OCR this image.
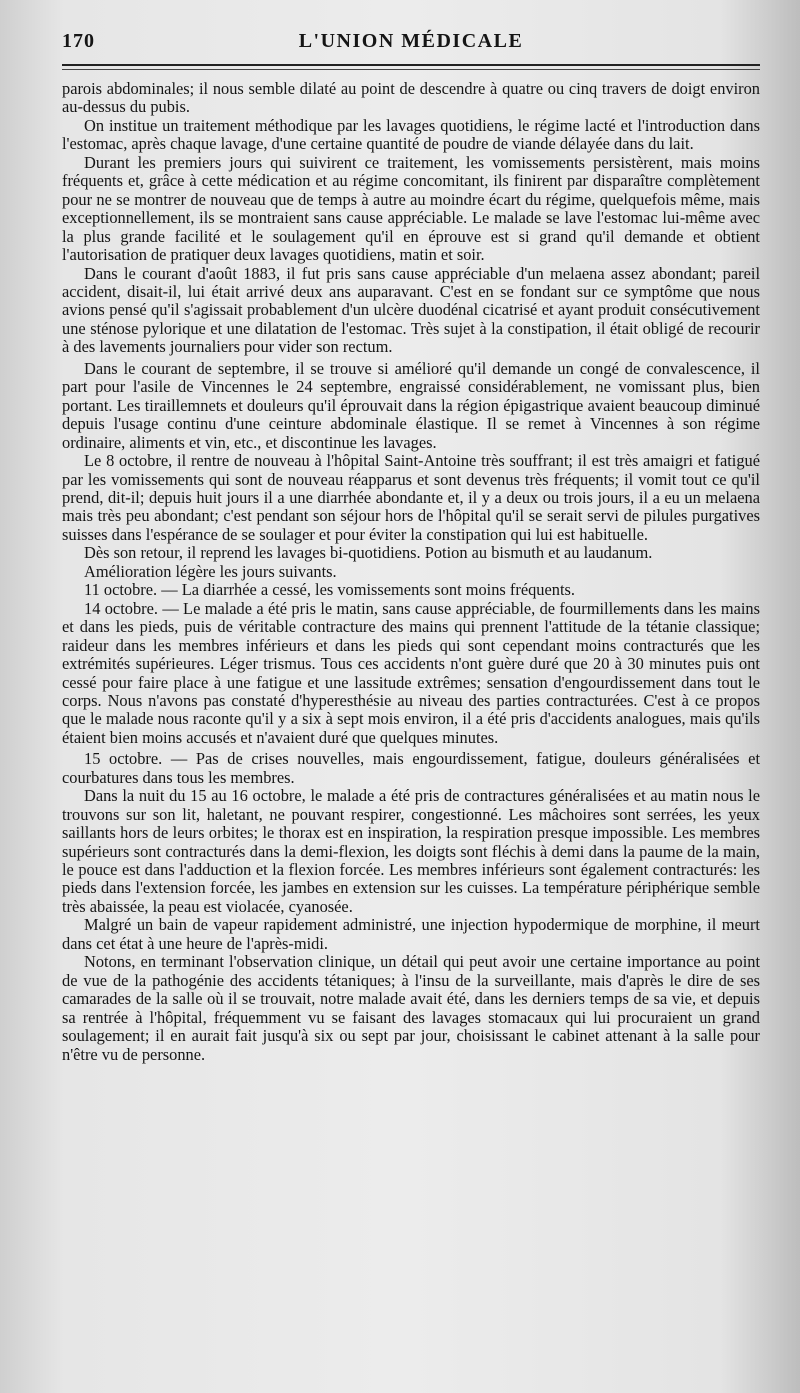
170	L'UNION MÉDICALE

parois abdominales; il nous semble dilaté au point de descendre à quatre ou cinq travers de doigt environ au-dessus du pubis.

On institue un traitement méthodique par les lavages quotidiens, le régime lacté et l'introduction dans l'estomac, après chaque lavage, d'une certaine quantité de poudre de viande délayée dans du lait.

Durant les premiers jours qui suivirent ce traitement, les vomissements persistèrent, mais moins fréquents et, grâce à cette médication et au régime concomitant, ils finirent par disparaître complètement pour ne se montrer de nouveau que de temps à autre au moindre écart du régime, quelquefois même, mais exceptionnellement, ils se montraient sans cause appréciable. Le malade se lave l'estomac lui-même avec la plus grande facilité et le soulagement qu'il en éprouve est si grand qu'il demande et obtient l'autorisation de pratiquer deux lavages quotidiens, matin et soir.

Dans le courant d'août 1883, il fut pris sans cause appréciable d'un melaena assez abondant; pareil accident, disait-il, lui était arrivé deux ans auparavant. C'est en se fondant sur ce symptôme que nous avions pensé qu'il s'agissait probablement d'un ulcère duodénal cicatrisé et ayant produit consécutivement une sténose pylorique et une dilatation de l'estomac. Très sujet à la constipation, il était obligé de recourir à des lavements journaliers pour vider son rectum.

Dans le courant de septembre, il se trouve si amélioré qu'il demande un congé de convalescence, il part pour l'asile de Vincennes le 24 septembre, engraissé considérablement, ne vomissant plus, bien portant. Les tiraillemnets et douleurs qu'il éprouvait dans la région épigastrique avaient beaucoup diminué depuis l'usage continu d'une ceinture abdominale élastique. Il se remet à Vincennes à son régime ordinaire, aliments et vin, etc., et discontinue les lavages.

Le 8 octobre, il rentre de nouveau à l'hôpital Saint-Antoine très souffrant; il est très amaigri et fatigué par les vomissements qui sont de nouveau réapparus et sont devenus très fréquents; il vomit tout ce qu'il prend, dit-il; depuis huit jours il a une diarrhée abondante et, il y a deux ou trois jours, il a eu un melaena mais très peu abondant; c'est pendant son séjour hors de l'hôpital qu'il se serait servi de pilules purgatives suisses dans l'espérance de se soulager et pour éviter la constipation qui lui est habituelle.

Dès son retour, il reprend les lavages bi-quotidiens. Potion au bismuth et au laudanum.

Amélioration légère les jours suivants.

11 octobre. — La diarrhée a cessé, les vomissements sont moins fréquents.

14 octobre. — Le malade a été pris le matin, sans cause appréciable, de fourmillements dans les mains et dans les pieds, puis de véritable contracture des mains qui prennent l'attitude de la tétanie classique; raideur dans les membres inférieurs et dans les pieds qui sont cependant moins contracturés que les extrémités supérieures. Léger trismus. Tous ces accidents n'ont guère duré que 20 à 30 minutes puis ont cessé pour faire place à une fatigue et une lassitude extrêmes; sensation d'engourdissement dans tout le corps. Nous n'avons pas constaté d'hyperesthésie au niveau des parties contracturées. C'est à ce propos que le malade nous raconte qu'il y a six à sept mois environ, il a été pris d'accidents analogues, mais qu'ils étaient bien moins accusés et n'avaient duré que quelques minutes.

15 octobre. — Pas de crises nouvelles, mais engourdissement, fatigue, douleurs généralisées et courbatures dans tous les membres.

Dans la nuit du 15 au 16 octobre, le malade a été pris de contractures généralisées et au matin nous le trouvons sur son lit, haletant, ne pouvant respirer, congestionné. Les mâchoires sont serrées, les yeux saillants hors de leurs orbites; le thorax est en inspiration, la respiration presque impossible. Les membres supérieurs sont contracturés dans la demi-flexion, les doigts sont fléchis à demi dans la paume de la main, le pouce est dans l'adduction et la flexion forcée. Les membres inférieurs sont également contracturés: les pieds dans l'extension forcée, les jambes en extension sur les cuisses. La température périphérique semble très abaissée, la peau est violacée, cyanosée.

Malgré un bain de vapeur rapidement administré, une injection hypodermique de morphine, il meurt dans cet état à une heure de l'après-midi.

Notons, en terminant l'observation clinique, un détail qui peut avoir une certaine importance au point de vue de la pathogénie des accidents tétaniques; à l'insu de la surveillante, mais d'après le dire de ses camarades de la salle où il se trouvait, notre malade avait été, dans les derniers temps de sa vie, et depuis sa rentrée à l'hôpital, fréquemment vu se faisant des lavages stomacaux qui lui procuraient un grand soulagement; il en aurait fait jusqu'à six ou sept par jour, choisissant le cabinet attenant à la salle pour n'être vu de personne.
